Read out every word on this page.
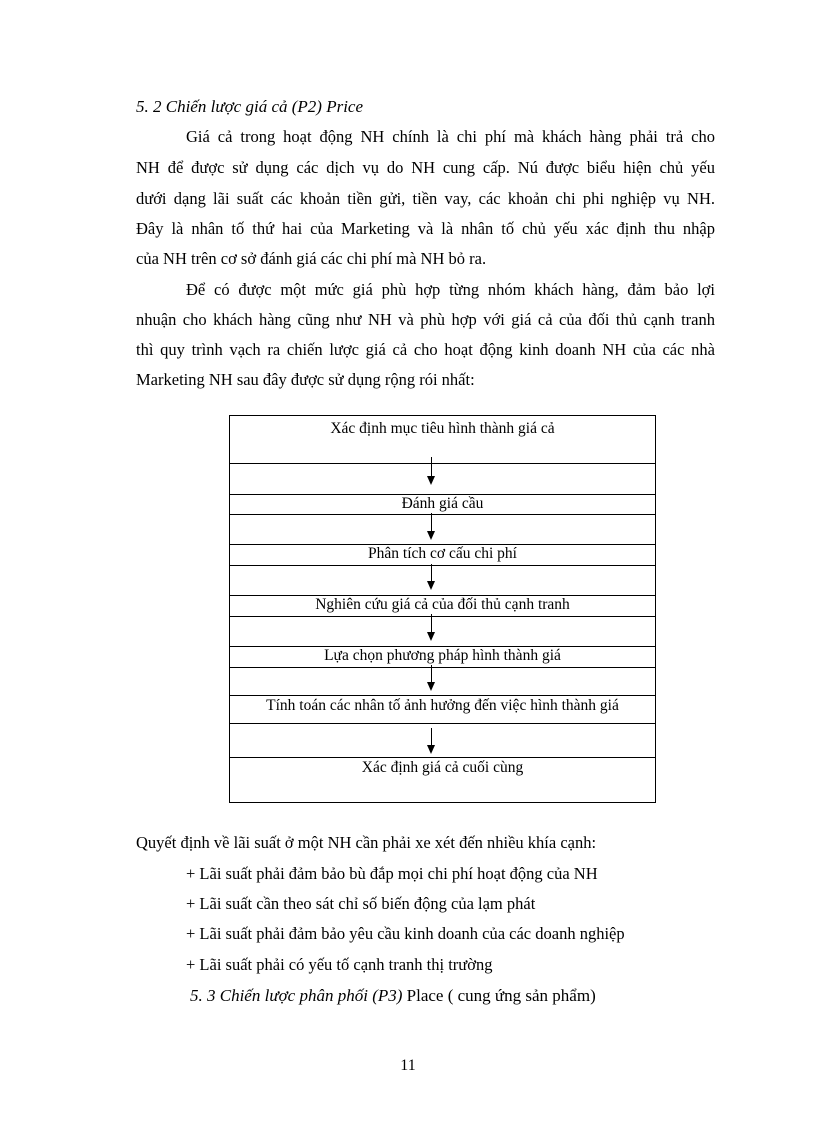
5. 2 Chiến lược giá cả (P2) Price
Giá cả trong hoạt động NH chính là chi phí mà khách hàng phải trả cho
NH để được sử dụng các dịch vụ do NH cung cấp. Nú được biểu hiện chủ yếu
dưới dạng lãi suất các khoản tiền gửi, tiền vay, các khoản chi phi nghiệp vụ NH.
Đây là nhân tố thứ hai của Marketing và là nhân tố chủ yếu xác định thu nhập
của NH trên cơ sở đánh giá các chi phí mà NH bỏ ra.
Để có được một mức giá phù hợp từng nhóm khách hàng, đảm bảo lợi
nhuận cho khách hàng cũng như NH và phù hợp với giá cả của đối thủ cạnh tranh
thì quy trình vạch ra chiến lược giá cả cho hoạt động kinh doanh NH của các nhà
Marketing NH sau đây được sử dụng rộng rói nhất:
Xác định mục tiêu hình thành giá cả
Đánh giá cầu
Phân tích cơ cấu chi phí
Nghiên cứu giá cả của đối thủ cạnh tranh
Lựa chọn phương pháp hình thành giá
Tính toán các nhân tố ảnh hưởng đến việc hình thành giá
Xác định giá cả cuối cùng
Quyết định về lãi suất ở một NH cần phải xe xét đến nhiều khía cạnh:
+ Lãi suất phải đảm bảo bù đắp mọi chi phí hoạt động của NH
+ Lãi suất cần theo sát chỉ số biến động của lạm phát
+ Lãi suất phải đảm bảo yêu cầu kinh doanh của các doanh nghiệp
+ Lãi suất phải có yếu tố cạnh tranh thị trường
5. 3 Chiến lược phân phối (P3) Place ( cung ứng sản phẩm)
11
